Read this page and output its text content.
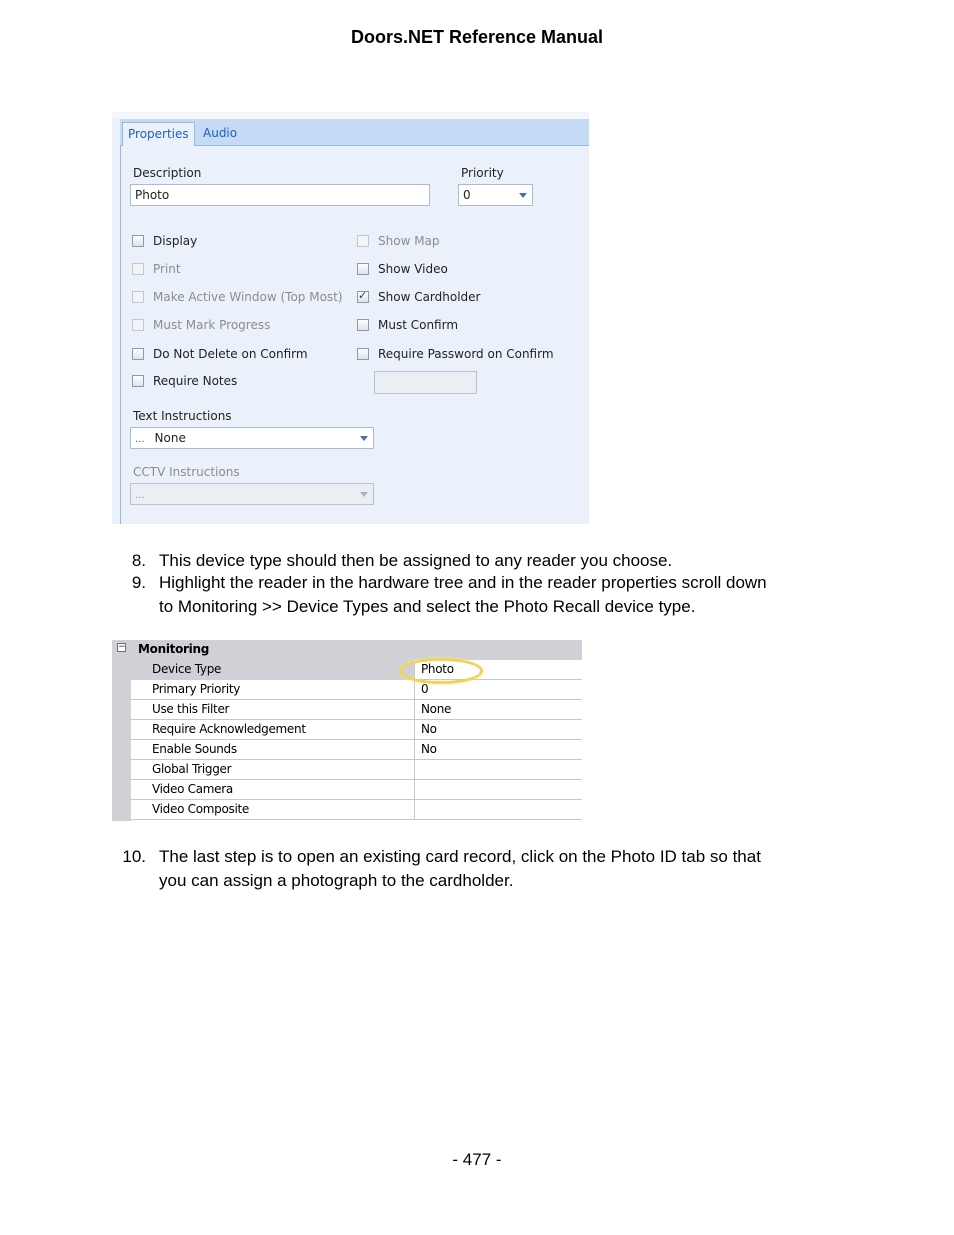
Doors.NET Reference Manual
Properties	Audio
Description
Photo
Priority
0
Display	Show Map
Print	Show Video
Make Active Window (Top Most)
✓	Show Cardholder
Must Mark Progress	Must Confirm
Do Not Delete on Confirm	Require Password on Confirm
Require Notes
Text Instructions
... None
CCTV Instructions
...
8. This device type should then be assigned to any reader you choose.
9. Highlight the reader in the hardware tree and in the reader properties scroll down
to Monitoring >> Device Types and select the Photo Recall device type.
− Monitoring
Device Type	Photo
Primary Priority	0
Use this Filter	None
Require Acknowledgement	No
Enable Sounds	No
Global Trigger
Video Camera
Video Composite
10. The last step is to open an existing card record, click on the Photo ID tab so that
you can assign a photograph to the cardholder.
- 477 -
